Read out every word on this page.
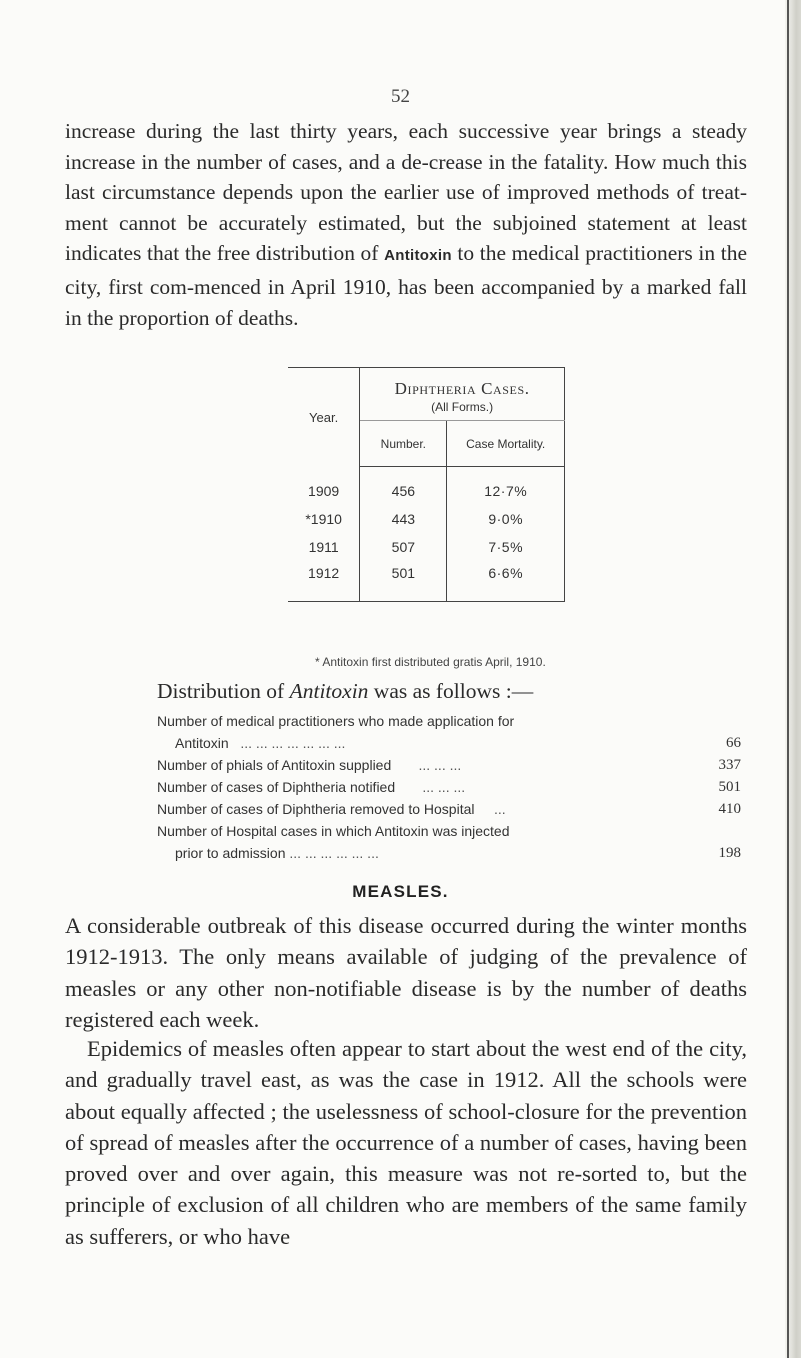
52

increase during the last thirty years, each successive year brings a steady increase in the number of cases, and a de-crease in the fatality. How much this last circumstance depends upon the earlier use of improved methods of treat-ment cannot be accurately estimated, but the subjoined statement at least indicates that the free distribution of Antitoxin to the medical practitioners in the city, first com-menced in April 1910, has been accompanied by a marked fall in the proportion of deaths.

Year.	Diphtheria Cases.
(All Forms.)	

	Number.	Case Mortality.
1909	456	12·7%
*1910	443	9·0%
1911	507	7·5%
1912	501	6·6%
* Antitoxin first distributed gratis April, 1910.
Distribution of Antitoxin was as follows :—
Number of medical practitioners who made application for
Antitoxin ... ... ... ... ... ... ...	66
Number of phials of Antitoxin supplied ... ... ...	337
Number of cases of Diphtheria notified ... ... ...	501
Number of cases of Diphtheria removed to Hospital ...	410
Number of Hospital cases in which Antitoxin was injected
prior to admission ... ... ... ... ... ...	198
MEASLES.

A considerable outbreak of this disease occurred during the winter months 1912-1913. The only means available of judging of the prevalence of measles or any other non-notifiable disease is by the number of deaths registered each week.

Epidemics of measles often appear to start about the west end of the city, and gradually travel east, as was the case in 1912. All the schools were about equally affected ; the uselessness of school-closure for the prevention of spread of measles after the occurrence of a number of cases, having been proved over and over again, this measure was not re-sorted to, but the principle of exclusion of all children who are members of the same family as sufferers, or who have
